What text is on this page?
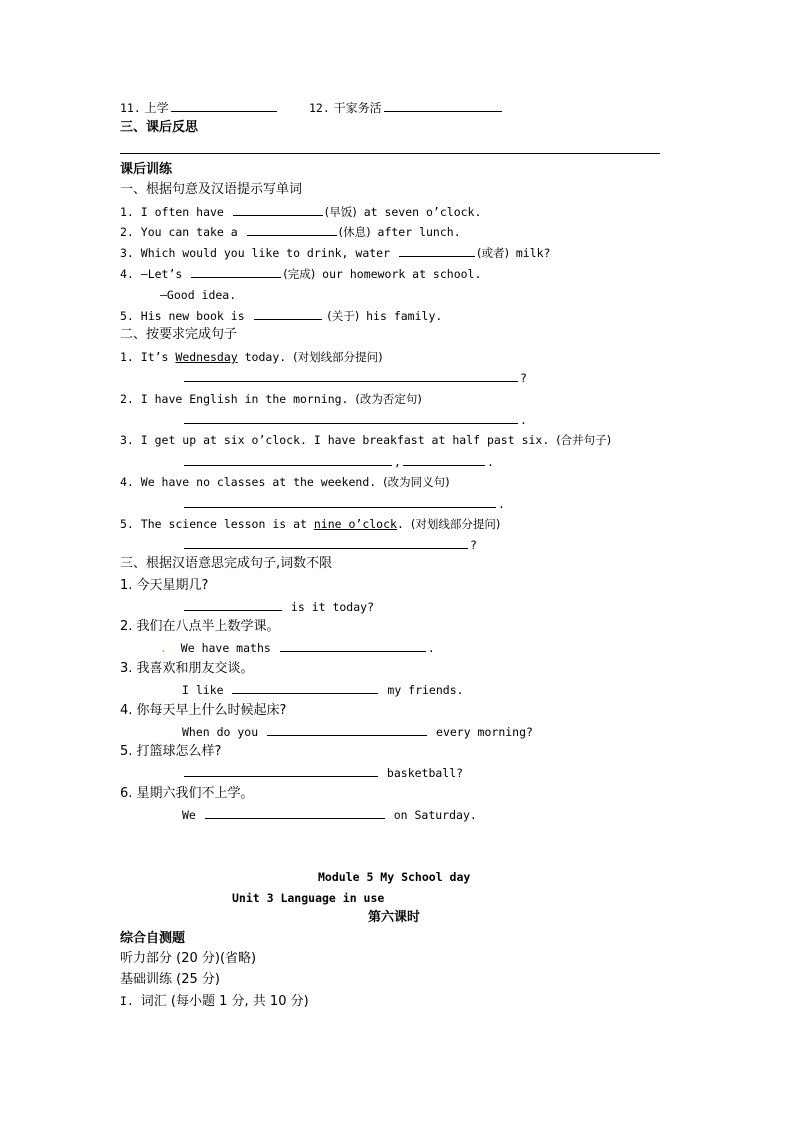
11. 上学	12. 干家务活
三、课后反思
课后训练
一、根据句意及汉语提示写单词
1. I often have	(早饭) at seven o’clock.
2. You can take a	(休息) after lunch.
3. Which would you like to drink, water	(或者) milk?
4. —Let’s	(完成) our homework at school.
—Good idea.
5. His new book is	(关于) his family.
二、按要求完成句子
1. It’s Wednesday today. (对划线部分提问)
?
2. I have English in the morning. (改为否定句)
.
3. I get up at six o’clock. I have breakfast at half past six. (合并句子)
,	.
4. We have no classes at the weekend. (改为同义句)
.
5. The science lesson is at nine o’clock. (对划线部分提问)
?
三、根据汉语意思完成句子,词数不限
1. 今天星期几?
is it today?
2. 我们在八点半上数学课。
. We have maths	.
3. 我喜欢和朋友交谈。
I like	my friends.
4. 你每天早上什么时候起床?
When do you	every morning?
5. 打篮球怎么样?
basketball?
6. 星期六我们不上学。
We	on Saturday.
Module 5 My School day
Unit 3 Language in use
第六课时
综合自测题
听力部分 (20 分)(省略)
基础训练 (25 分)
I. 词汇 (每小题 1 分, 共 10 分)
